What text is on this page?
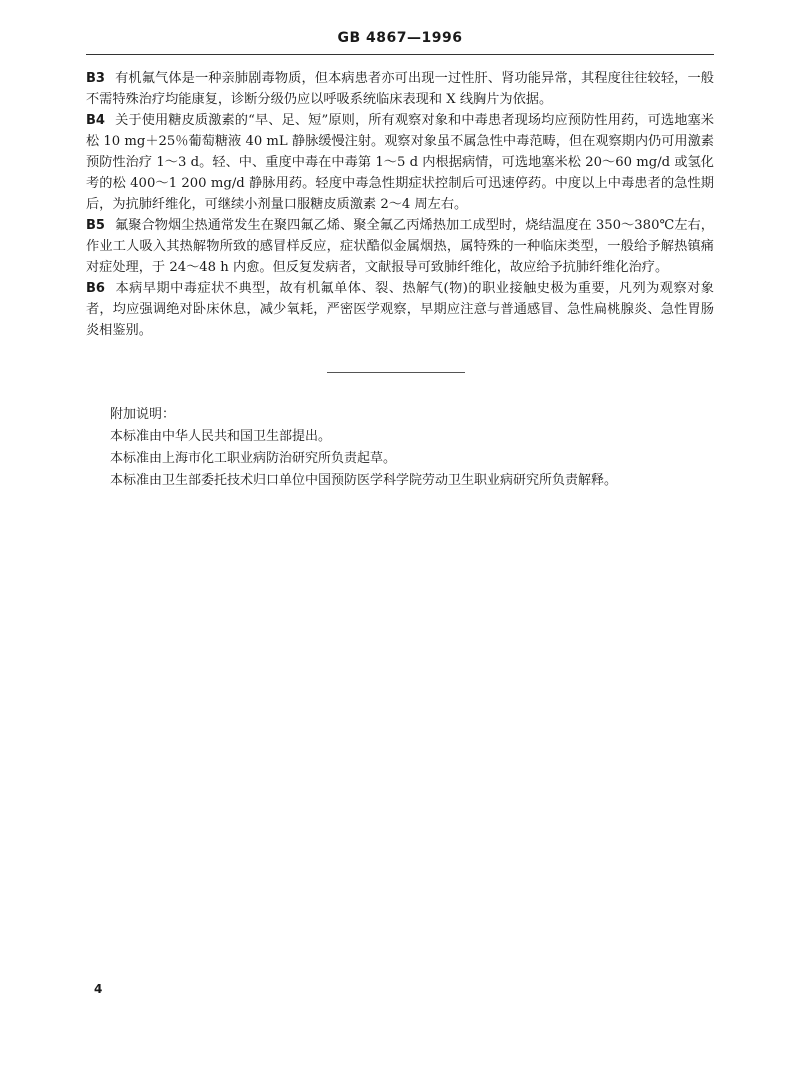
GB 4867—1996

B3 有机氟气体是一种亲肺剧毒物质，但本病患者亦可出现一过性肝、肾功能异常，其程度往往较轻，一般不需特殊治疗均能康复，诊断分级仍应以呼吸系统临床表现和 X 线胸片为依据。

B4 关于使用糖皮质激素的“早、足、短”原则，所有观察对象和中毒患者现场均应预防性用药，可选地塞米松 10 mg＋25％葡萄糖液 40 mL 静脉缓慢注射。观察对象虽不属急性中毒范畴，但在观察期内仍可用激素预防性治疗 1～3 d。轻、中、重度中毒在中毒第 1～5 d 内根据病情，可选地塞米松 20～60 mg/d 或氢化考的松 400～1 200 mg/d 静脉用药。轻度中毒急性期症状控制后可迅速停药。中度以上中毒患者的急性期后，为抗肺纤维化，可继续小剂量口服糖皮质激素 2～4 周左右。

B5 氟聚合物烟尘热通常发生在聚四氟乙烯、聚全氟乙丙烯热加工成型时，烧结温度在 350～380℃左右，作业工人吸入其热解物所致的感冒样反应，症状酷似金属烟热，属特殊的一种临床类型，一般给予解热镇痛对症处理，于 24～48 h 内愈。但反复发病者，文献报导可致肺纤维化，故应给予抗肺纤维化治疗。

B6 本病早期中毒症状不典型，故有机氟单体、裂、热解气(物)的职业接触史极为重要，凡列为观察对象者，均应强调绝对卧床休息，减少氧耗，严密医学观察，早期应注意与普通感冒、急性扁桃腺炎、急性胃肠炎相鉴别。

附加说明：
本标准由中华人民共和国卫生部提出。
本标准由上海市化工职业病防治研究所负责起草。
本标准由卫生部委托技术归口单位中国预防医学科学院劳动卫生职业病研究所负责解释。
4
